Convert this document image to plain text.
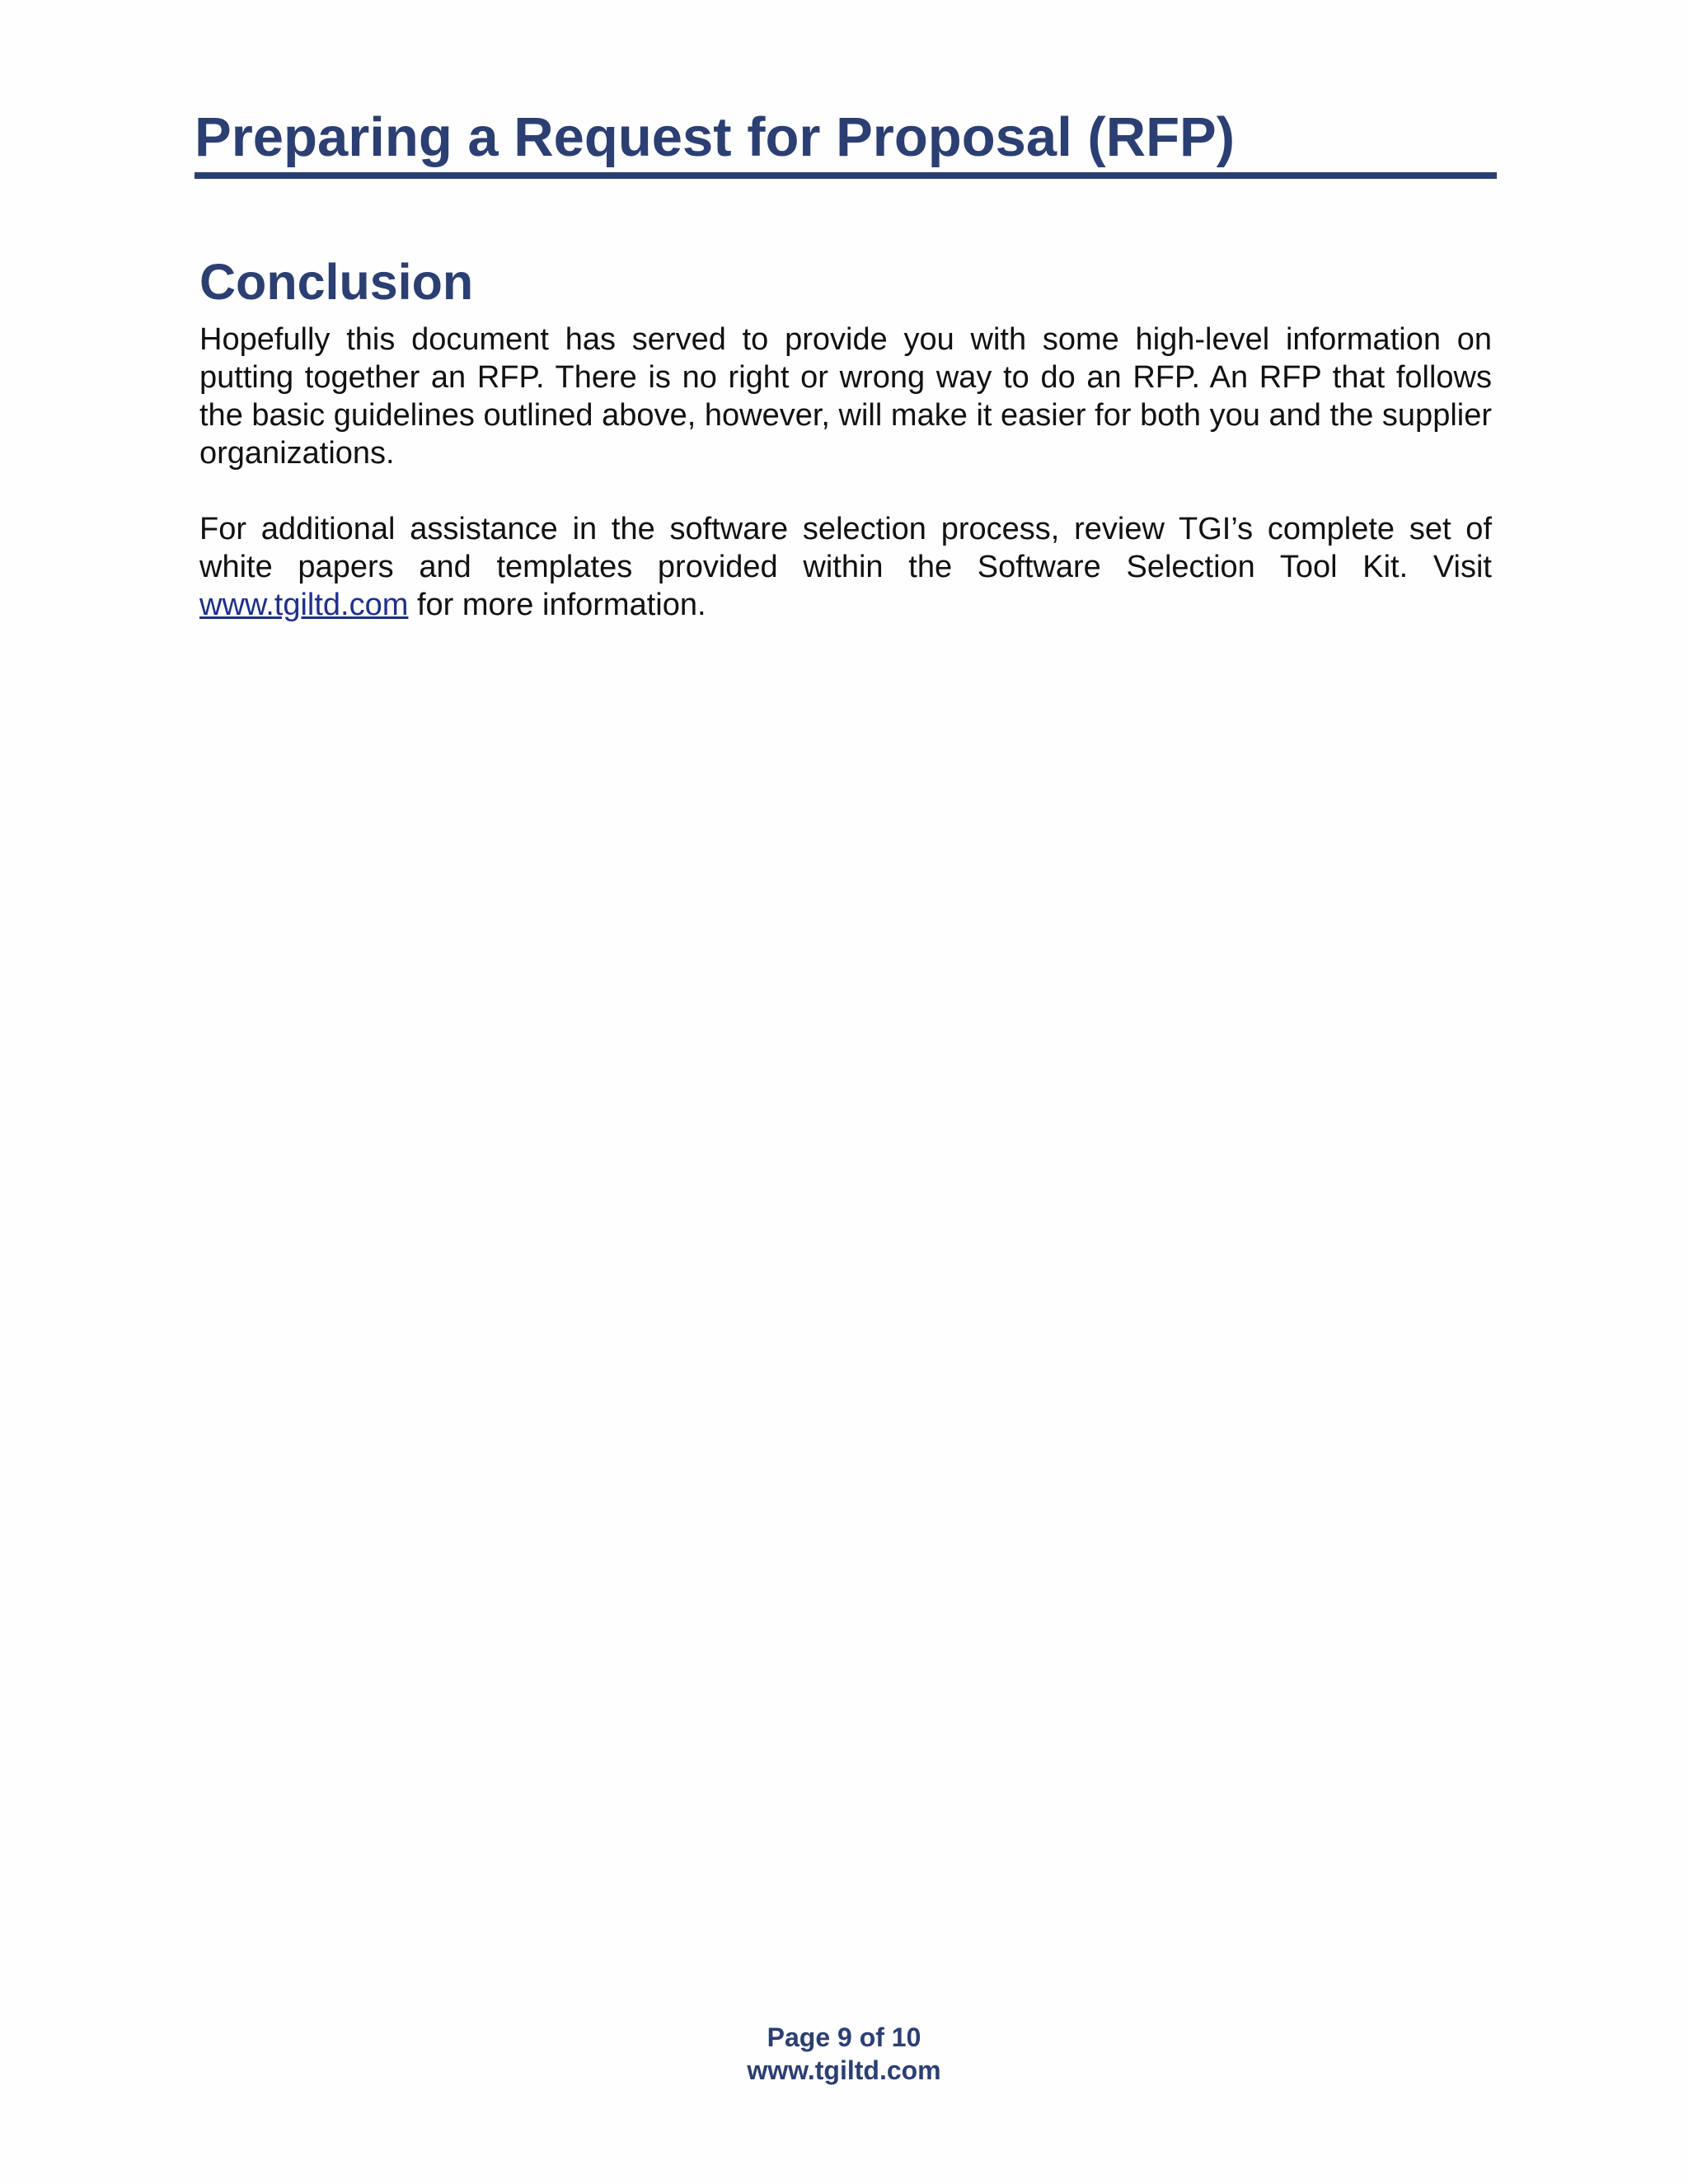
Preparing a Request for Proposal (RFP)
Conclusion

Hopefully this document has served to provide you with some high-level information on putting together an RFP. There is no right or wrong way to do an RFP. An RFP that follows the basic guidelines outlined above, however, will make it easier for both you and the supplier organizations.

For additional assistance in the software selection process, review TGI’s complete set of white papers and templates provided within the Software Selection Tool Kit. Visit www.tgiltd.com for more information.

Page 9 of 10
www.tgiltd.com
